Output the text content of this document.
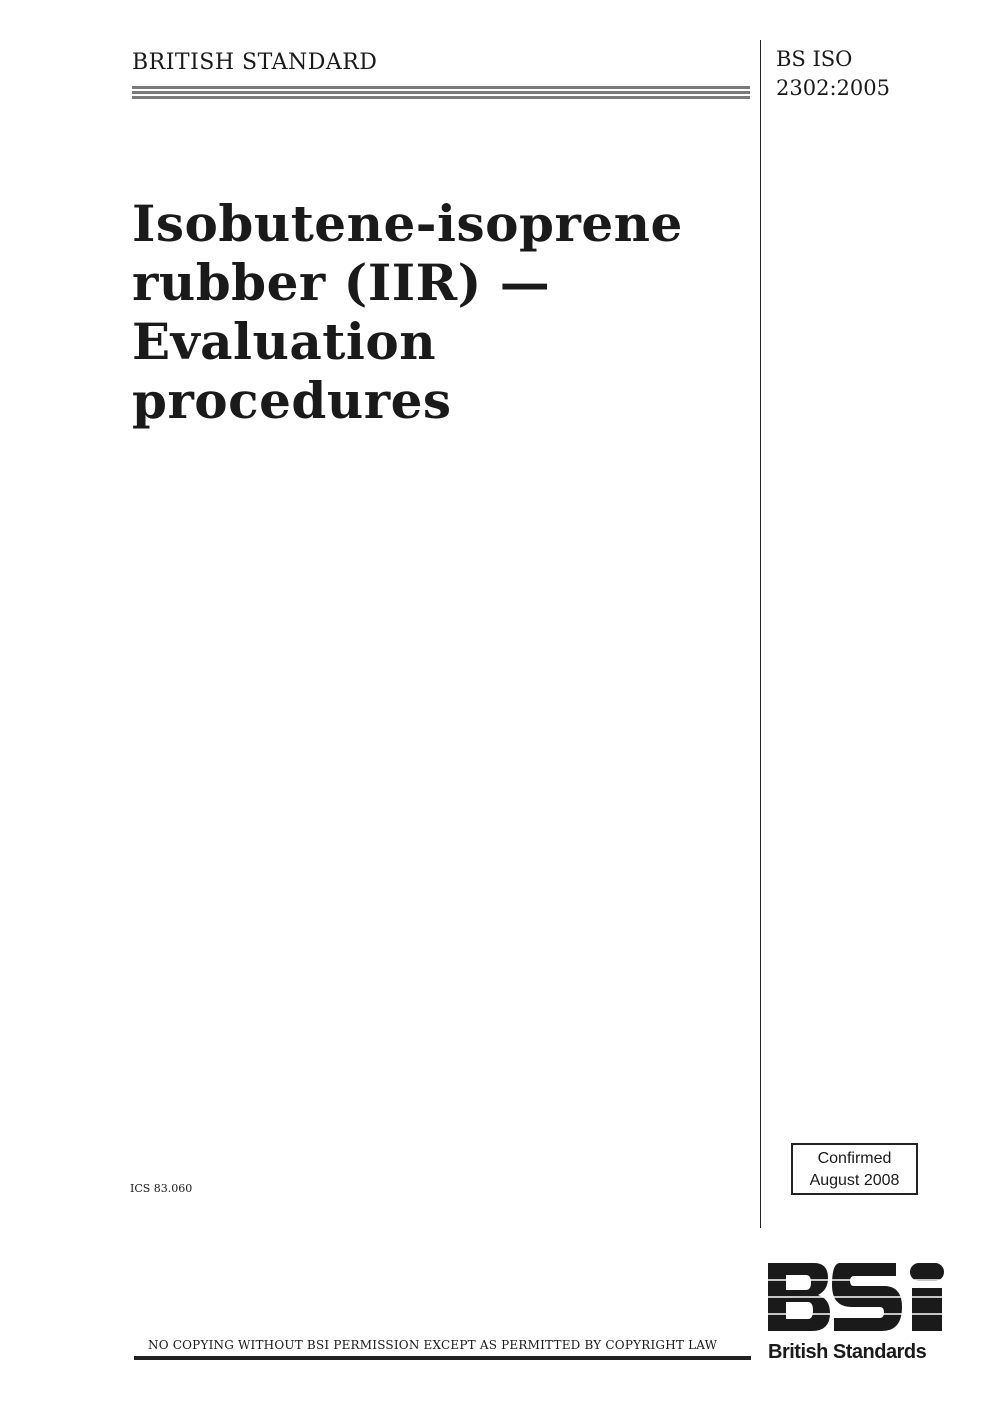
BRITISH STANDARD	BS ISO
2302:2005
Isobutene-isoprene
rubber (IIR) —
Evaluation procedures
ICS 83.060
Confirmed
August 2008
British Standards
NO COPYING WITHOUT BSI PERMISSION EXCEPT AS PERMITTED BY COPYRIGHT LAW
